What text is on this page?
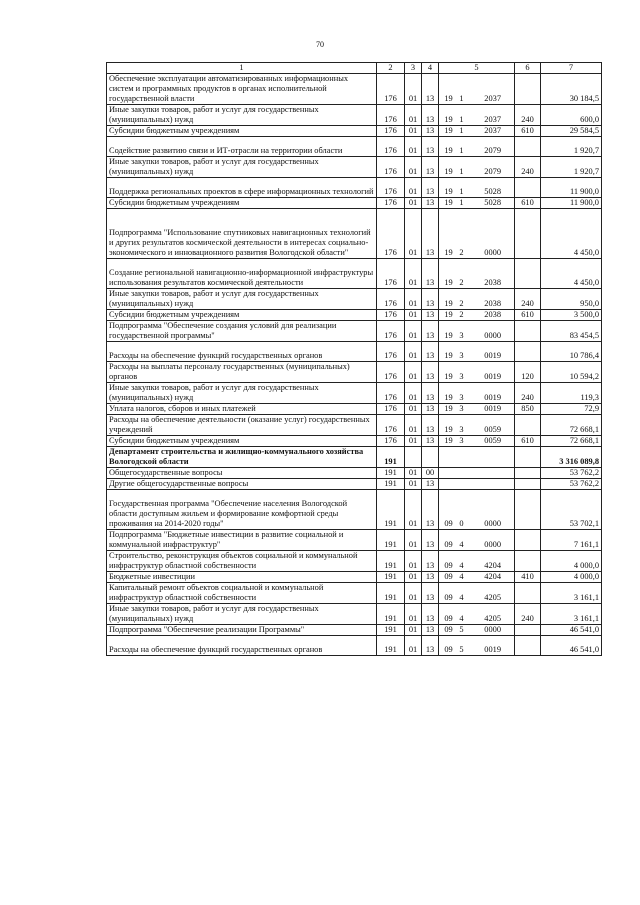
70
1	2	3	4	5	6	7
Обеспечение эксплуатации автоматизированных информационных систем и программных продуктов в органах исполнительной государственной власти	176	01	13	19 1 2037		30 184,5
Иные закупки товаров, работ и услуг для государственных (муниципальных) нужд	176	01	13	19 1 2037	240	600,0
Субсидии бюджетным учреждениям	176	01	13	19 1 2037	610	29 584,5
Содействие развитию связи и ИТ-отрасли на территории области	176	01	13	19 1 2079		1 920,7
Иные закупки товаров, работ и услуг для государственных (муниципальных) нужд	176	01	13	19 1 2079	240	1 920,7
Поддержка региональных проектов в сфере информационных технологий	176	01	13	19 1 5028		11 900,0
Субсидии бюджетным учреждениям	176	01	13	19 1 5028	610	11 900,0
Подпрограмма "Использование спутниковых навигационных технологий и других результатов космической деятельности в интересах социально-экономического и инновационного развития Вологодской области"	176	01	13	19 2 0000		4 450,0
Создание региональной навигационно-информационной инфраструктуры использования результатов космической деятельности	176	01	13	19 2 2038		4 450,0
Иные закупки товаров, работ и услуг для государственных (муниципальных) нужд	176	01	13	19 2 2038	240	950,0
Субсидии бюджетным учреждениям	176	01	13	19 2 2038	610	3 500,0
Подпрограмма "Обеспечение создания условий для реализации государственной программы"	176	01	13	19 3 0000		83 454,5
Расходы на обеспечение функций государственных органов	176	01	13	19 3 0019		10 786,4
Расходы на выплаты персоналу государственных (муниципальных) органов	176	01	13	19 3 0019	120	10 594,2
Иные закупки товаров, работ и услуг для государственных (муниципальных) нужд	176	01	13	19 3 0019	240	119,3
Уплата налогов, сборов и иных платежей	176	01	13	19 3 0019	850	72,9
Расходы на обеспечение деятельности (оказание услуг) государственных учреждений	176	01	13	19 3 0059		72 668,1
Субсидии бюджетным учреждениям	176	01	13	19 3 0059	610	72 668,1
Департамент строительства и жилищно-коммунального хозяйства Вологодской области	191					3 316 089,8
Общегосударственные вопросы	191	01	00			53 762,2
Другие общегосударственные вопросы	191	01	13			53 762,2
Государственная программа "Обеспечение населения Вологодской области доступным жильем и формирование комфортной среды проживания на 2014-2020 годы"	191	01	13	09 0 0000		53 702,1
Подпрограмма "Бюджетные инвестиции в развитие социальной и коммунальной инфраструктур"	191	01	13	09 4 0000		7 161,1
Строительство, реконструкция объектов социальной и коммунальной инфраструктур областной собственности	191	01	13	09 4 4204		4 000,0
Бюджетные инвестиции	191	01	13	09 4 4204	410	4 000,0
Капитальный ремонт объектов социальной и коммунальной инфраструктур областной собственности	191	01	13	09 4 4205		3 161,1
Иные закупки товаров, работ и услуг для государственных (муниципальных) нужд	191	01	13	09 4 4205	240	3 161,1
Подпрограмма "Обеспечение реализации Программы"	191	01	13	09 5 0000		46 541,0
Расходы на обеспечение функций государственных органов	191	01	13	09 5 0019		46 541,0
